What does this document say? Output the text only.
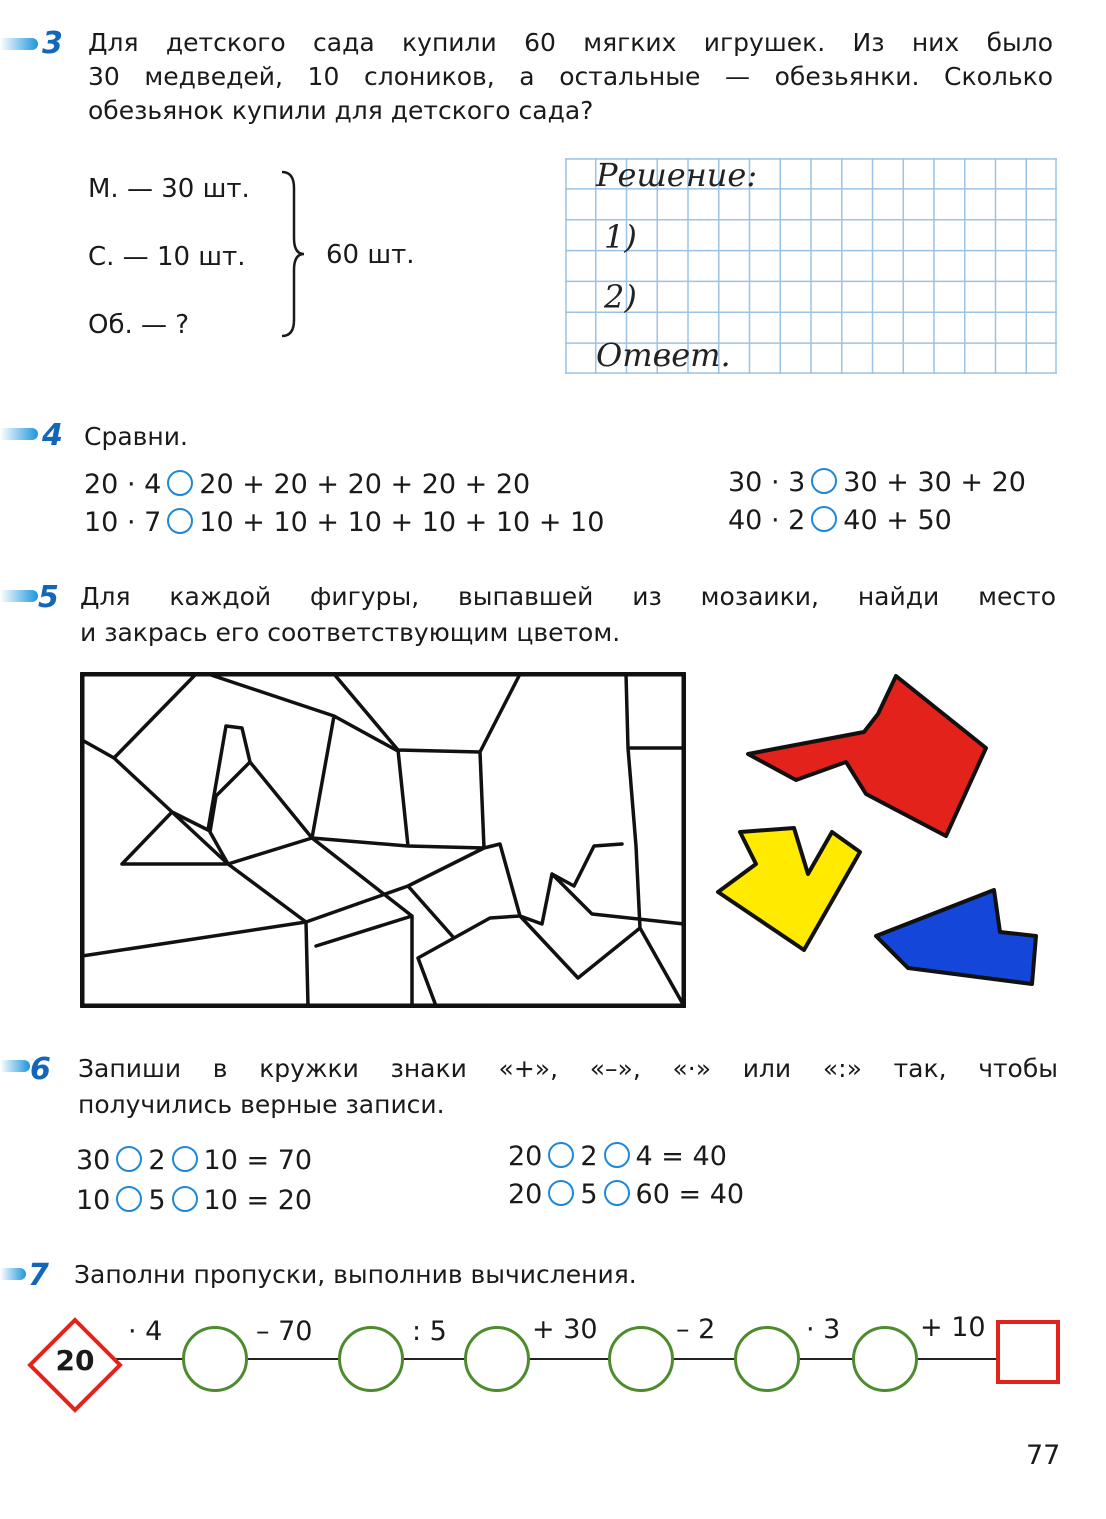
3 Для детского сада купили 60 мягких игрушек. Из них было
30 медведей, 10 слоников, а остальные — обезьянки. Сколько
обезьянок купили для детского сада?
М. — 30 шт.
С. — 10 шт.
Об. — ?
60 шт.
Решение:
1)
2)
Ответ.
4 Сравни.
20 · 4 20 + 20 + 20 + 20 + 20
10 · 7 10 + 10 + 10 + 10 + 10 + 10
30 · 3 30 + 30 + 20
40 · 2 40 + 50
5 Для каждой фигуры, выпавшей из мозаики, найди место
и закрась его соответствующим цветом.
6 Запиши в кружки знаки «+», «–», «·» или «:» так, чтобы
получились верные записи.
30 2 10 = 70
10 5 10 = 20
20 2 4 = 40
20 5 60 = 40
7 Заполни пропуски, выполнив вычисления.
20
· 4	– 70	: 5	+ 30	– 2	· 3	+ 10
77
